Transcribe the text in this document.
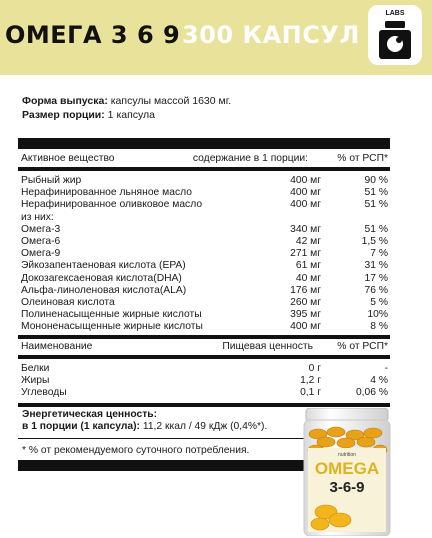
ОМЕГА 3 6 9 300 КАПСУЛ
LABS
Форма выпуска: капсулы массой 1630 мг.
Размер порции: 1 капсула
Активное вещество	содержание в 1 порции:	% от РСП*
Рыбный жир	400 мг	90 %
Нерафинированное льняное масло	400 мг	51 %
Нерафинированное оливковое масло	400 мг	51 %
из них:
Омега-3	340 мг	51 %
Омега-6	42 мг	1,5 %
Омега-9	271 мг	7 %
Эйкозапентаеновая кислота (EPA)	61 мг	31 %
Докозагексаеновая кислота(DHA)	40 мг	17 %
Альфа-линоленовая кислота(ALA)	176 мг	76 %
Олеиновая кислота	260 мг	5 %
Полиненасыщенные жирные кислоты	395 мг	10%
Мононенасыщенные жирные кислоты	400 мг	8 %
Наименование	Пищевая ценность % от РСП*
Белки	0 г	-
Жиры	1,2 г	4 %
Углеводы	0,1 г	0,06 %
Энергетическая ценность:
в 1 порции (1 капсула): 11,2 ккал / 49 кДж (0,4%*).
* % от рекомендуемого суточного потребления.	nutrition
OMEGA
3-6-9
